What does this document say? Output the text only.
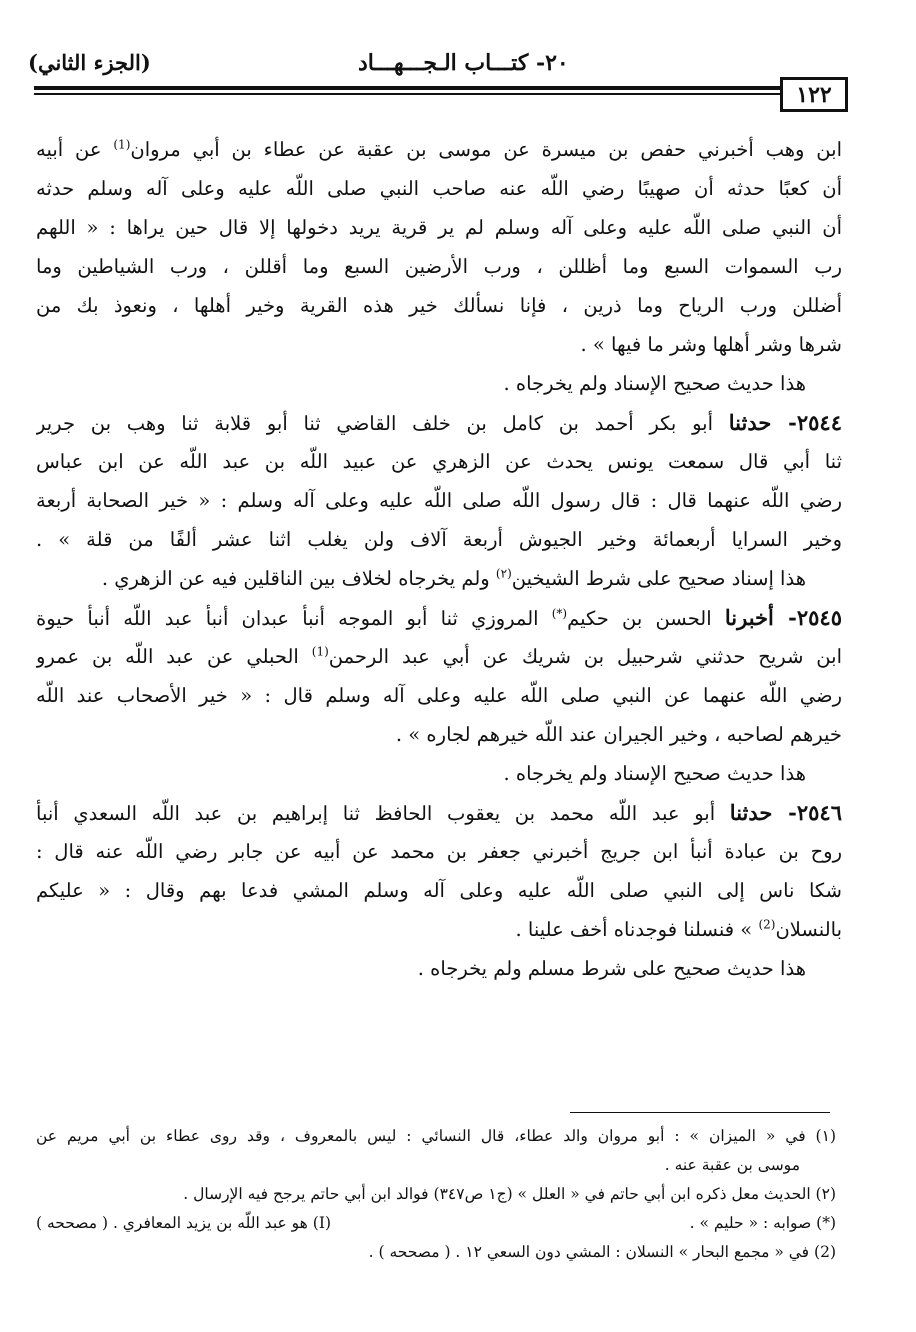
(الجزء الثاني)	٢٠- كتـــاب الـجـــهـــاد
١٢٢
ابن وهب أخبرني حفص بن ميسرة عن موسى بن عقبة عن عطاء بن أبي مروان$^{(1)}$ عن أبيه
أن كعبًا حدثه أن صهيبًا رضي اللّه عنه صاحب النبي صلى اللّه عليه وعلى آله وسلم حدثه
أن النبي صلى اللّه عليه وعلى آله وسلم لم ير قرية يريد دخولها إلا قال حين يراها : « اللهم
رب السموات السبع وما أظللن ، ورب الأرضين السبع وما أقللن ، ورب الشياطين وما
أضللن ورب الرياح وما ذرين ، فإنا نسألك خير هذه القرية وخير أهلها ، ونعوذ بك من
شرها وشر أهلها وشر ما فيها » .
هذا حديث صحيح الإسناد ولم يخرجاه .
٢٥٤٤- حدثنا أبو بكر أحمد بن كامل بن خلف القاضي ثنا أبو قلابة ثنا وهب بن جرير
ثنا أبي قال سمعت يونس يحدث عن الزهري عن عبيد اللّه بن عبد اللّه عن ابن عباس
رضي اللّه عنهما قال : قال رسول اللّه صلى اللّه عليه وعلى آله وسلم : « خير الصحابة أربعة
وخير السرايا أربعمائة وخير الجيوش أربعة آلاف ولن يغلب اثنا عشر ألفًا من قلة » .
هذا إسناد صحيح على شرط الشيخين$^{(٢)}$ ولم يخرجاه لخلاف بين الناقلين فيه عن الزهري .
٢٥٤٥- أخبرنا الحسن بن حكيم(*) المروزي ثنا أبو الموجه أنبأ عبدان أنبأ عبد اللّه أنبأ حيوة
ابن شريح حدثني شرحبيل بن شريك عن أبي عبد الرحمن$^{(1)}$ الحبلي عن عبد اللّه بن عمرو
رضي اللّه عنهما عن النبي صلى اللّه عليه وعلى آله وسلم قال : « خير الأصحاب عند اللّه
خيرهم لصاحبه ، وخير الجيران عند اللّه خيرهم لجاره » .
هذا حديث صحيح الإسناد ولم يخرجاه .
٢٥٤٦- حدثنا أبو عبد اللّه محمد بن يعقوب الحافظ ثنا إبراهيم بن عبد اللّه السعدي أنبأ
روح بن عبادة أنبأ ابن جريج أخبرني جعفر بن محمد عن أبيه عن جابر رضي اللّه عنه قال :
شكا ناس إلى النبي صلى اللّه عليه وعلى آله وسلم المشي فدعا بهم وقال : « عليكم
بالنسلان$^{(2)}$ » فنسلنا فوجدناه أخف علينا .
هذا حديث صحيح على شرط مسلم ولم يخرجاه .
(١) في « الميزان » : أبو مروان والد عطاء، قال النسائي : ليس بالمعروف ، وقد روى عطاء بن أبي مريم عن
موسى بن عقبة عنه .
(٢) الحديث معل ذكره ابن أبي حاتم في « العلل » (ج١ ص٣٤٧) فوالد ابن أبي حاتم يرجح فيه الإرسال .
(*) صوابه : « حليم » .
(I) هو عبد اللّه بن يزيد المعافري . ( مصححه )
(2) في « مجمع البحار » النسلان : المشي دون السعي ١٢ . ( مصححه ) .
